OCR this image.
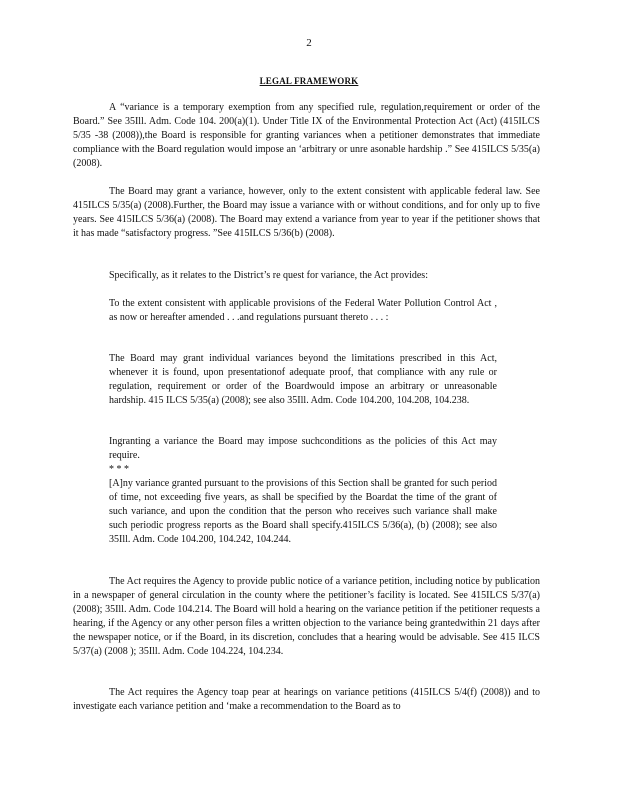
2
LEGAL FRAMEWORK

A “variance is a temporary exemption from any specified rule, regulation,requirement or order of the Board.” See 35Ill. Adm. Code 104. 200(a)(1). Under Title IX of the Environmental Protection Act (Act) (415ILCS 5/35 -38 (2008)),the Board is responsible for granting variances when a petitioner demonstrates that immediate compliance with the Board regulation would impose an ‘arbitrary or unre asonable hardship .” See 415ILCS 5/35(a) (2008).

The Board may grant a variance, however, only to the extent consistent with applicable federal law. See 415ILCS 5/35(a) (2008).Further, the Board may issue a variance with or without conditions, and for only up to five years. See 415ILCS 5/36(a) (2008). The Board may extend a variance from year to year if the petitioner shows that it has made “satisfactory progress. ”See 415ILCS 5/36(b) (2008).

Specifically, as it relates to the District’s re quest for variance, the Act provides:

To the extent consistent with applicable provisions of the Federal Water Pollution Control Act , as now or hereafter amended . . .and regulations pursuant thereto . . . :

The Board may grant individual variances beyond the limitations prescribed in this Act, whenever it is found, upon presentationof adequate proof, that compliance with any rule or regulation, requirement or order of the Boardwould impose an arbitrary or unreasonable hardship. 415 ILCS 5/35(a) (2008); see also 35Ill. Adm. Code 104.200, 104.208, 104.238.

Ingranting a variance the Board may impose suchconditions as the policies of this Act may require.

* * *

[A]ny variance granted pursuant to the provisions of this Section shall be granted for such period of time, not exceeding five years, as shall be specified by the Boardat the time of the grant of such variance, and upon the condition that the person who receives such variance shall make such periodic progress reports as the Board shall specify.415ILCS 5/36(a), (b) (2008); see also 35Ill. Adm. Code 104.200, 104.242, 104.244.

The Act requires the Agency to provide public notice of a variance petition, including notice by publication in a newspaper of general circulation in the county where the petitioner’s facility is located. See 415ILCS 5/37(a) (2008); 35Ill. Adm. Code 104.214. The Board will hold a hearing on the variance petition if the petitioner requests a hearing, if the Agency or any other person files a written objection to the variance being grantedwithin 21 days after the newspaper notice, or if the Board, in its discretion, concludes that a hearing would be advisable. See 415 ILCS 5/37(a) (2008 ); 35Ill. Adm. Code 104.224, 104.234.

The Act requires the Agency toap pear at hearings on variance petitions (415ILCS 5/4(f) (2008)) and to investigate each variance petition and ‘make a recommendation to the Board as to
